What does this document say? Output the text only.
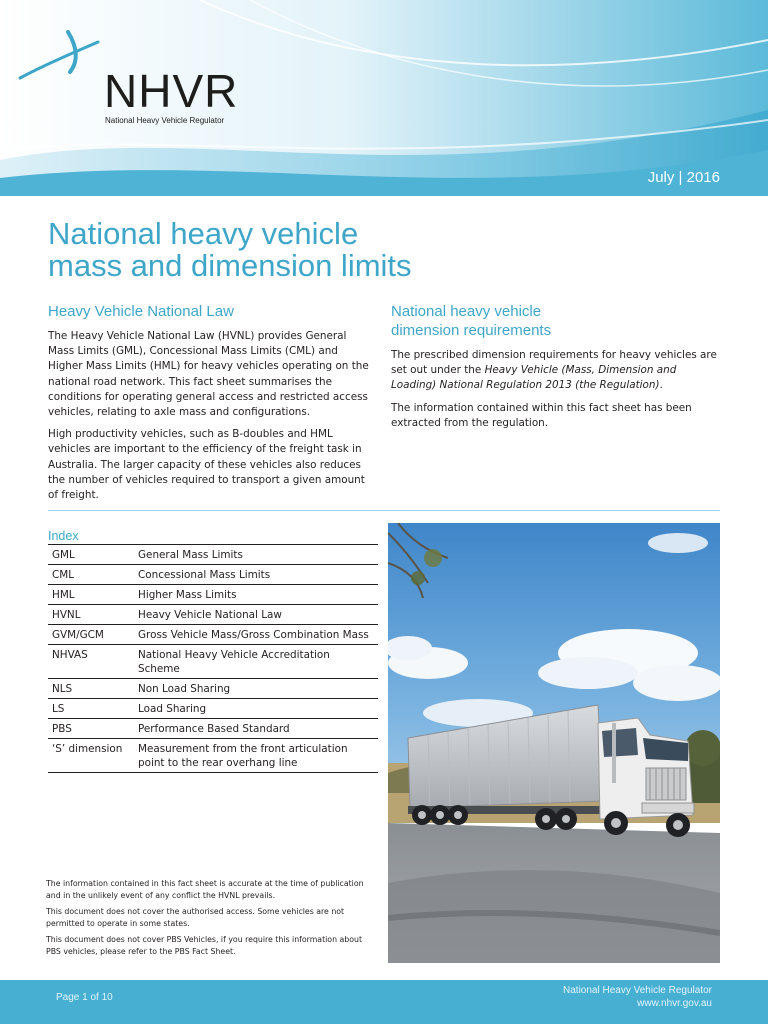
NHVR
National Heavy Vehicle Regulator
July | 2016
National heavy vehicle
mass and dimension limits
Heavy Vehicle National Law

The Heavy Vehicle National Law (HVNL) provides General Mass Limits (GML), Concessional Mass Limits (CML) and Higher Mass Limits (HML) for heavy vehicles operating on the national road network. This fact sheet summarises the conditions for operating general access and restricted access vehicles, relating to axle mass and configurations.

High productivity vehicles, such as B-doubles and HML vehicles are important to the efficiency of the freight task in Australia. The larger capacity of these vehicles also reduces the number of vehicles required to transport a given amount of freight.

National heavy vehicle
dimension requirements

The prescribed dimension requirements for heavy vehicles are set out under the Heavy Vehicle (Mass, Dimension and Loading) National Regulation 2013 (the Regulation).

The information contained within this fact sheet has been extracted from the regulation.

Index
GML	General Mass Limits
CML	Concessional Mass Limits
HML	Higher Mass Limits
HVNL	Heavy Vehicle National Law
GVM/GCM	Gross Vehicle Mass/Gross Combination Mass
NHVAS	National Heavy Vehicle Accreditation Scheme
NLS	Non Load Sharing
LS	Load Sharing
PBS	Performance Based Standard
‘S’ dimension	Measurement from the front articulation point to the rear overhang line

The information contained in this fact sheet is accurate at the time of publication and in the unlikely event of any conflict the HVNL prevails.

This document does not cover the authorised access. Some vehicles are not permitted to operate in some states.

This document does not cover PBS Vehicles, if you require this information about PBS vehicles, please refer to the PBS Fact Sheet.

Page 1 of 10
National Heavy Vehicle Regulator
www.nhvr.gov.au
